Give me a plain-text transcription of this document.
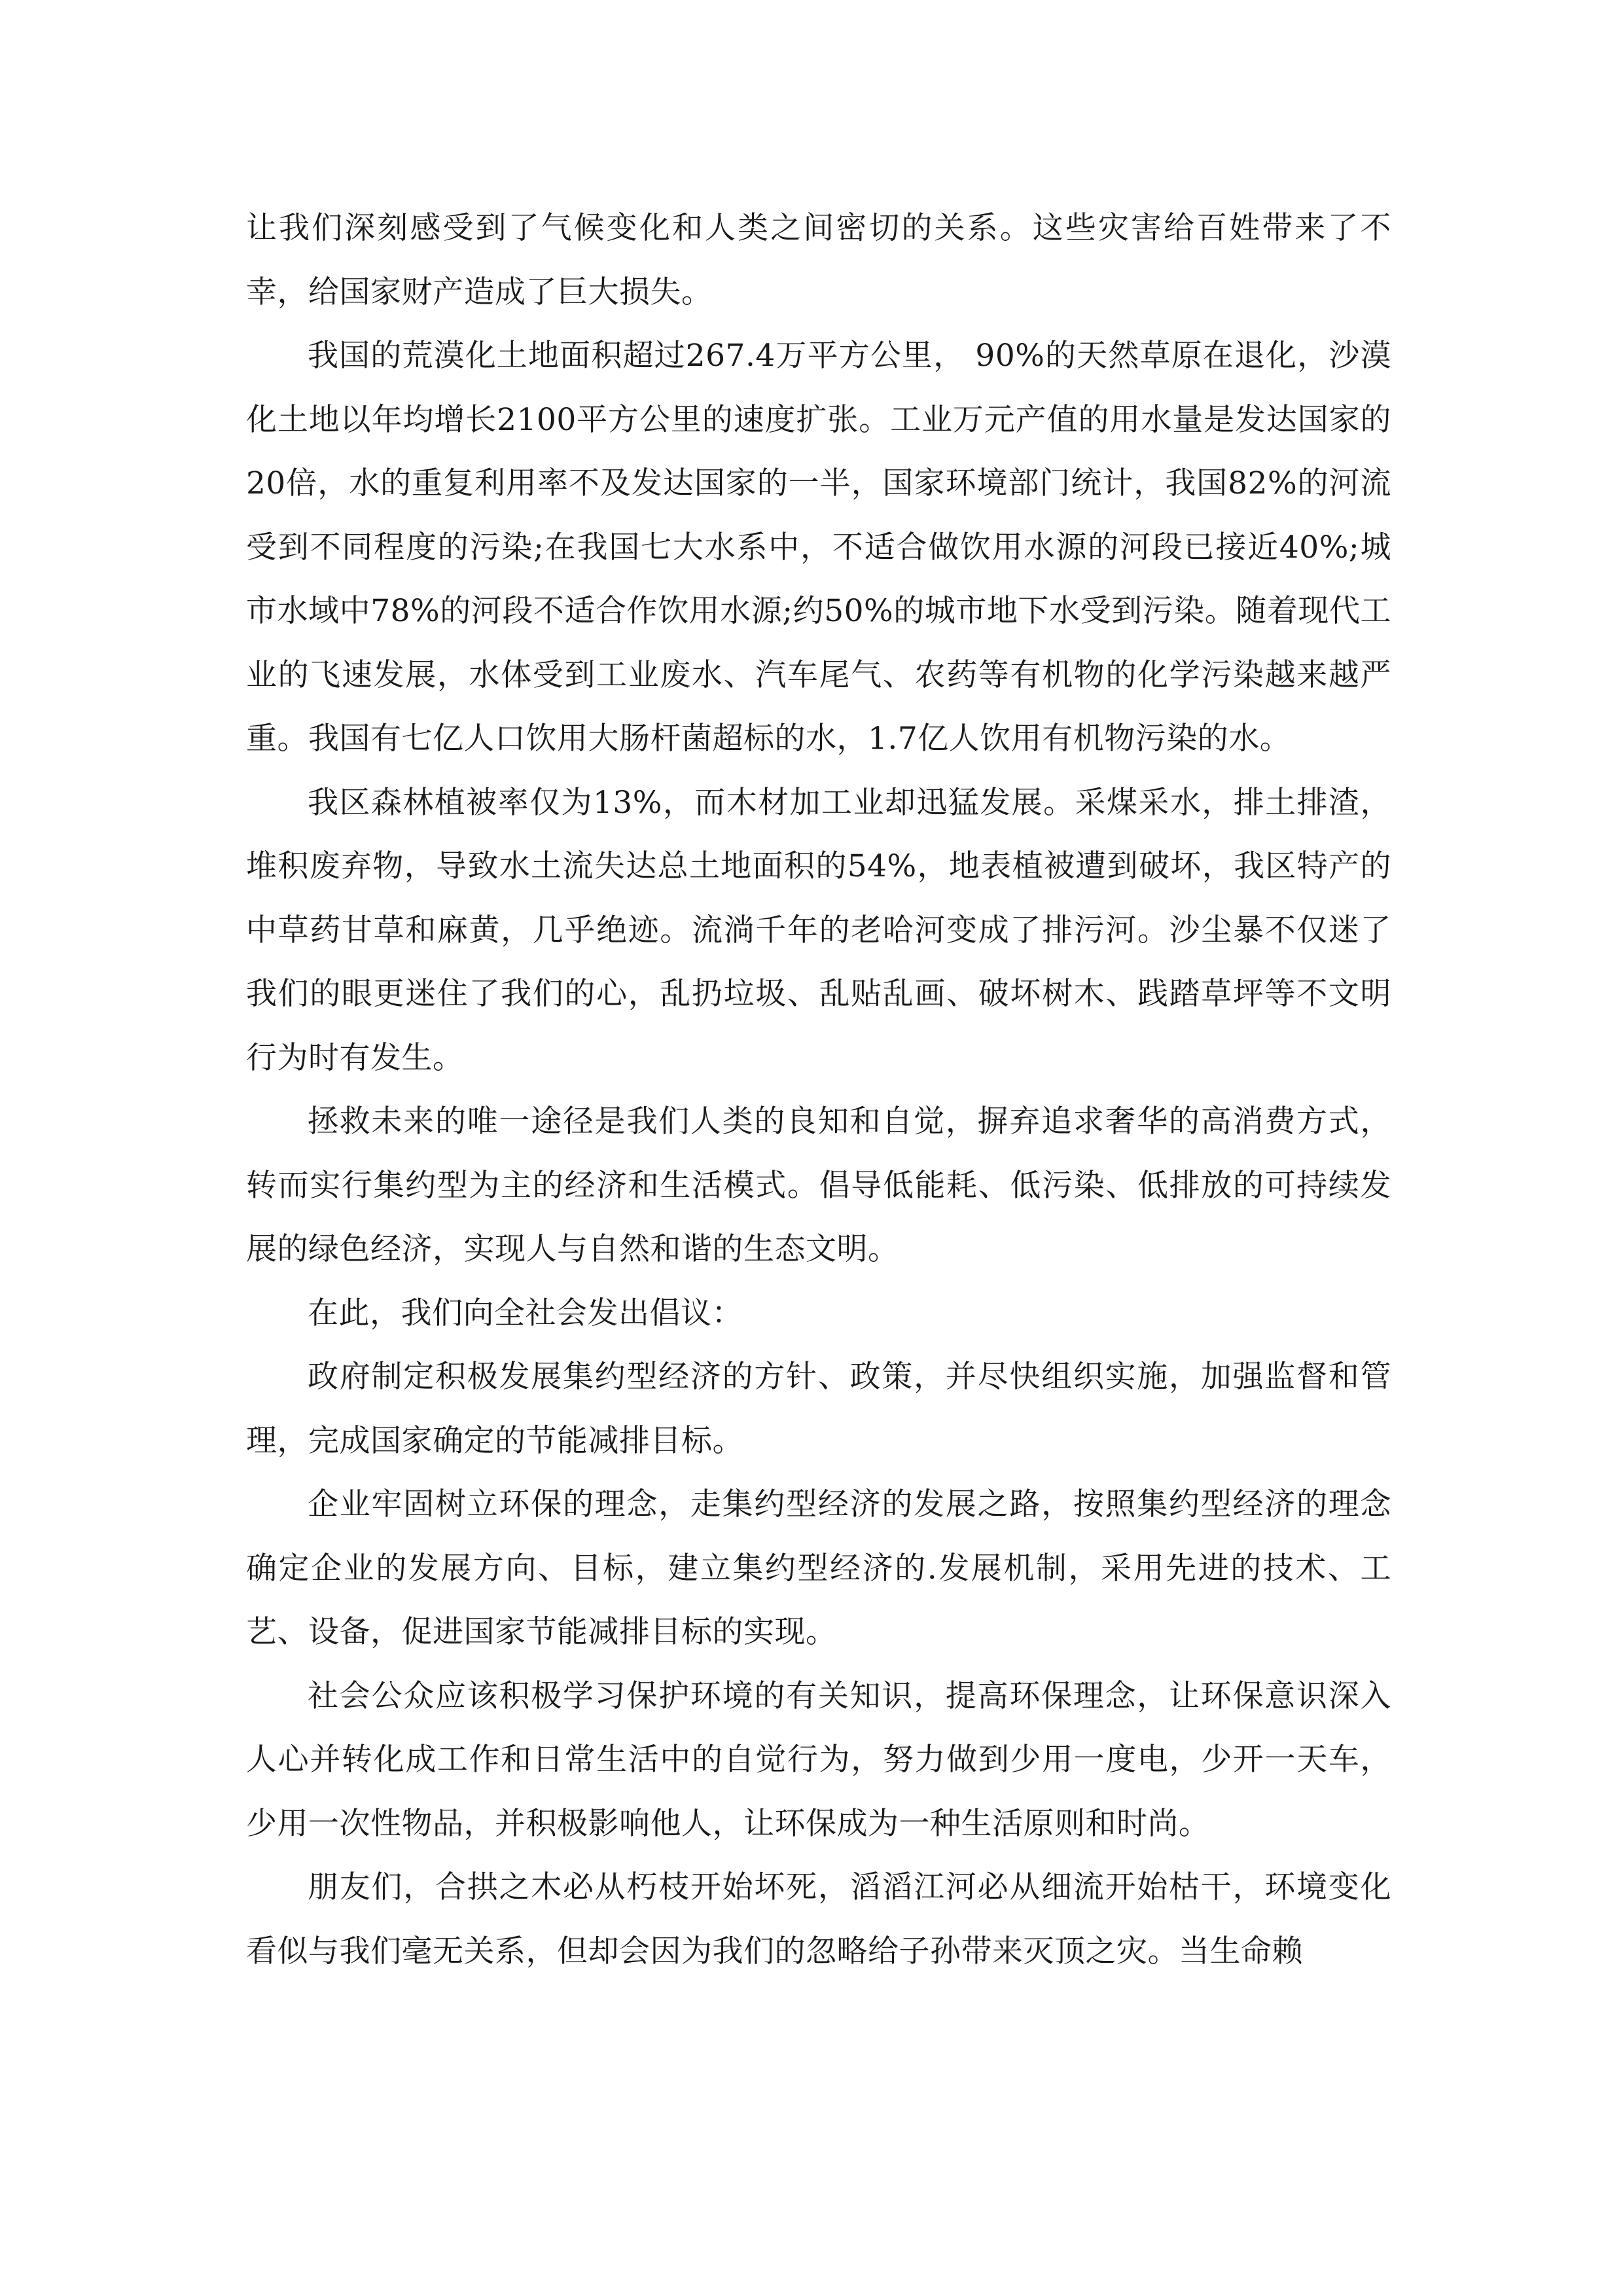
让我们深刻感受到了气候变化和人类之间密切的关系。这些灾害给百姓带来了不幸，给国家财产造成了巨大损失。

我国的荒漠化土地面积超过267.4万平方公里， 90%的天然草原在退化，沙漠化土地以年均增长2100平方公里的速度扩张。工业万元产值的用水量是发达国家的20倍，水的重复利用率不及发达国家的一半，国家环境部门统计，我国82%的河流受到不同程度的污染;在我国七大水系中，不适合做饮用水源的河段已接近40%;城市水域中78%的河段不适合作饮用水源;约50%的城市地下水受到污染。随着现代工业的飞速发展，水体受到工业废水、汽车尾气、农药等有机物的化学污染越来越严重。我国有七亿人口饮用大肠杆菌超标的水，1.7亿人饮用有机物污染的水。

我区森林植被率仅为13%，而木材加工业却迅猛发展。采煤采水，排土排渣，堆积废弃物，导致水土流失达总土地面积的54%，地表植被遭到破坏，我区特产的中草药甘草和麻黄，几乎绝迹。流淌千年的老哈河变成了排污河。沙尘暴不仅迷了我们的眼更迷住了我们的心，乱扔垃圾、乱贴乱画、破坏树木、践踏草坪等不文明行为时有发生。

拯救未来的唯一途径是我们人类的良知和自觉，摒弃追求奢华的高消费方式，转而实行集约型为主的经济和生活模式。倡导低能耗、低污染、低排放的可持续发展的绿色经济，实现人与自然和谐的生态文明。

在此，我们向全社会发出倡议：

政府制定积极发展集约型经济的方针、政策，并尽快组织实施，加强监督和管理，完成国家确定的节能减排目标。

企业牢固树立环保的理念，走集约型经济的发展之路，按照集约型经济的理念确定企业的发展方向、目标，建立集约型经济的.发展机制，采用先进的技术、工艺、设备，促进国家节能减排目标的实现。

社会公众应该积极学习保护环境的有关知识，提高环保理念，让环保意识深入人心并转化成工作和日常生活中的自觉行为，努力做到少用一度电，少开一天车，少用一次性物品，并积极影响他人，让环保成为一种生活原则和时尚。

朋友们，合拱之木必从朽枝开始坏死，滔滔江河必从细流开始枯干，环境变化看似与我们毫无关系，但却会因为我们的忽略给子孙带来灭顶之灾。当生命赖
